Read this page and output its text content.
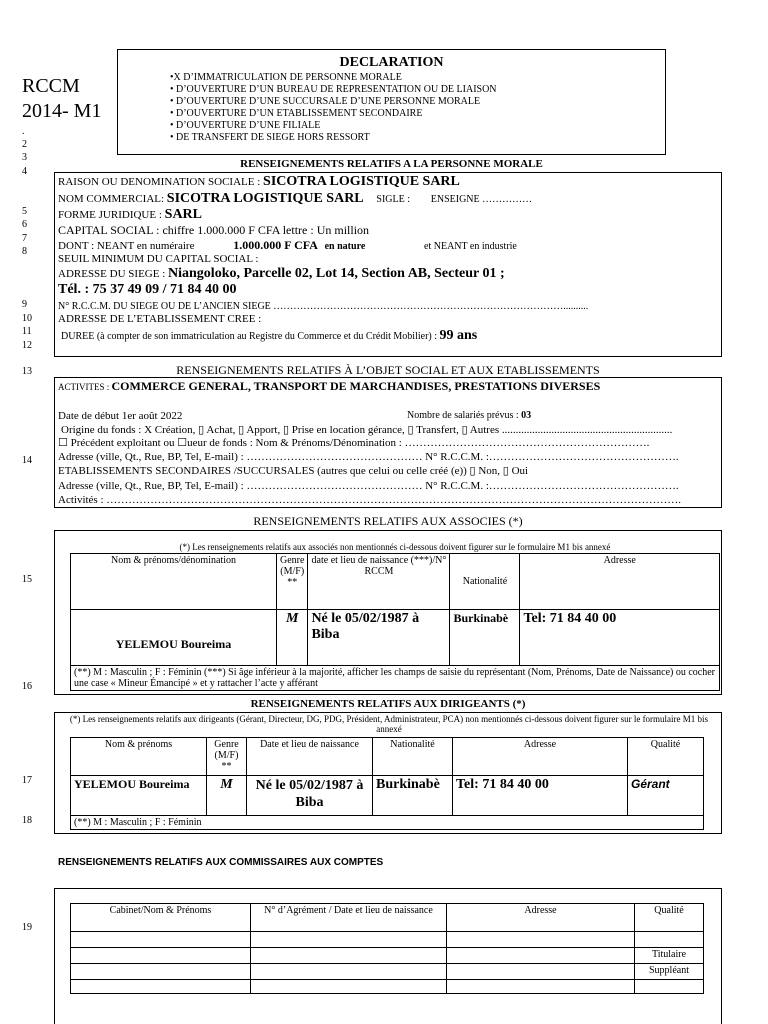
RCCM
2014- M1
.
DECLARATION
•X D’IMMATRICULATION DE PERSONNE MORALE
• D’OUVERTURE D’UN BUREAU DE REPRESENTATION OU DE LIAISON
• D’OUVERTURE D’UNE SUCCURSALE D’UNE PERSONNE MORALE
• D’OUVERTURE D’UN ETABLISSEMENT SECONDAIRE
• D’OUVERTURE D’UNE FILIALE
• DE TRANSFERT DE SIEGE HORS RESSORT
2
3
4
5
6
7
8
9
10
11
12
13
14
15
16
17
18
19
RENSEIGNEMENTS RELATIFS A LA PERSONNE MORALE
RAISON OU DENOMINATION SOCIALE : SICOTRA LOGISTIQUE SARL
NOM COMMERCIAL: SICOTRA LOGISTIQUE SARL SIGLE : ENSEIGNE ……………
FORME JURIDIQUE : SARL
CAPITAL SOCIAL : chiffre 1.000.000 F CFA lettre : Un million
DONT : NEANT en numéraire	1.000.000 F CFA en nature	et NEANT en industrie
SEUIL MINIMUM DU CAPITAL SOCIAL :
ADRESSE DU SIEGE : Niangoloko, Parcelle 02, Lot 14, Section AB, Secteur 01 ;
Tél. : 75 37 49 09 / 71 84 40 00
N° R.C.C.M. DU SIEGE OU DE L’ANCIEN SIEGE ……………………………………………………………………………..........
ADRESSE DE L’ETABLISSEMENT CREE :
DUREE (à compter de son immatriculation au Registre du Commerce et du Crédit Mobilier) : 99 ans
RENSEIGNEMENTS RELATIFS À L’OBJET SOCIAL ET AUX ETABLISSEMENTS
ACTIVITES : COMMERCE GENERAL, TRANSPORT DE MARCHANDISES, PRESTATIONS DIVERSES
Date de début 1er août 2022	Nombre de salariés prévus : 03
Origine du fonds : X Création, ▯ Achat, ▯ Apport, ▯ Prise en location gérance, ▯ Transfert, ▯ Autres ..............................................................
☐ Précédent exploitant ou ☐ueur de fonds : Nom & Prénoms/Dénomination : ………………………………………………………….
Adresse (ville, Qt., Rue, BP, Tel, E-mail) : ………………………………………… N° R.C.C.M. :…………………………………………….
ETABLISSEMENTS SECONDAIRES /SUCCURSALES (autres que celui ou celle créé (e)) ▯ Non, ▯ Oui
Adresse (ville, Qt., Rue, BP, Tel, E-mail) : ………………………………………… N° R.C.C.M. :…………………………………………….
Activités : ………………………………………………………………………………………………………………………………………….
RENSEIGNEMENTS RELATIFS AUX ASSOCIES (*)
(*) Les renseignements relatifs aux associés non mentionnés ci-dessous doivent figurer sur le formulaire M1 bis annexé
Nom & prénoms/dénomination	Genre (M/F) **	date et lieu de naissance (***)/N° RCCM	Nationalité	Adresse
YELEMOU Boureima	M	Né le 05/02/1987 à Biba	Burkinabè	Tel: 71 84 40 00
(**) M : Masculin ; F : Féminin (***) Si âge inférieur à la majorité, afficher les champs de saisie du représentant (Nom, Prénoms, Date de Naissance) ou cocher une case « Mineur Émancipé » et y rattacher l’acte y afférant				
RENSEIGNEMENTS RELATIFS AUX DIRIGEANTS (*)
(*) Les renseignements relatifs aux dirigeants (Gérant, Directeur, DG, PDG, Président, Administrateur, PCA) non mentionnés ci-dessous doivent figurer sur le formulaire M1 bis annexé
Nom & prénoms	Genre (M/F) **	Date et lieu de naissance	Nationalité	Adresse	Qualité
YELEMOU Boureima	M	Né le 05/02/1987 à Biba	Burkinabè	Tel: 71 84 40 00	Gérant
(**) M : Masculin ; F : Féminin					
RENSEIGNEMENTS RELATIFS AUX COMMISSAIRES AUX COMPTES
Cabinet/Nom & Prénoms	N° d’Agrément / Date et lieu de naissance	Adresse	Qualité

			Titulaire
			Suppléant
